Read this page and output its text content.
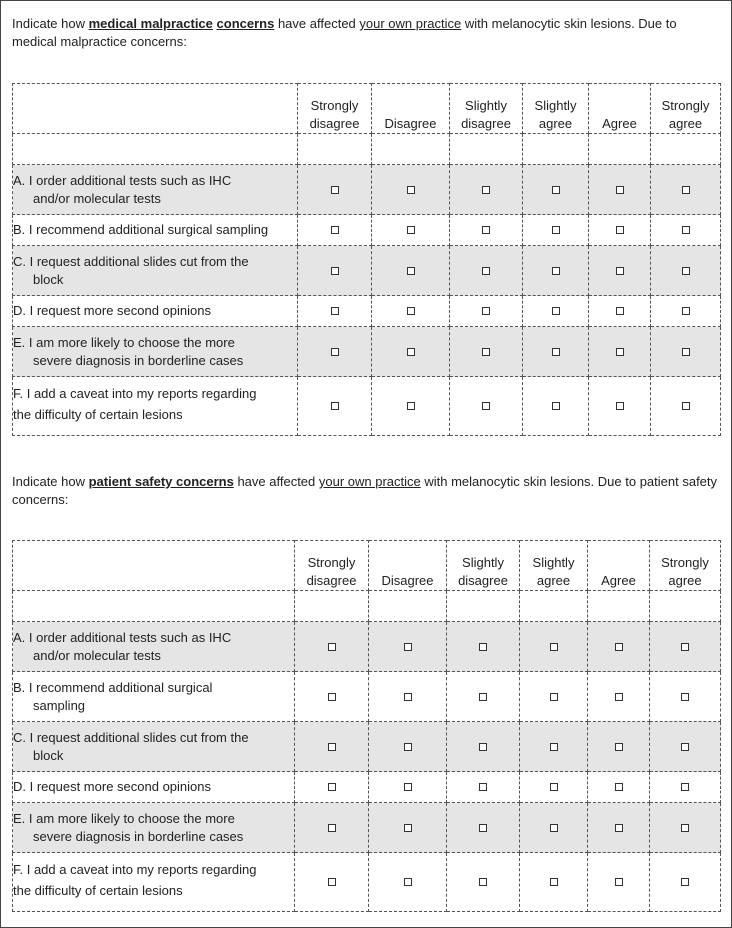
Indicate how medical malpractice concerns have affected your own practice with melanocytic skin lesions. Due to medical malpractice concerns:
	Strongly disagree	Disagree	Slightly disagree	Slightly agree	Agree	Strongly agree

A. I order additional tests such as IHC
and/or molecular tests						

B. I recommend additional surgical sampling						
C. I request additional slides cut from the
block						

D. I request more second opinions						
E. I am more likely to choose the more
severe diagnosis in borderline cases						

F. I add a caveat into my reports regarding
the difficulty of certain lesions						
Indicate how patient safety concerns have affected your own practice with melanocytic skin lesions. Due to patient safety concerns:
	Strongly disagree	Disagree	Slightly disagree	Slightly agree	Agree	Strongly agree

A. I order additional tests such as IHC
and/or molecular tests						

B. I recommend additional surgical
sampling						

C. I request additional slides cut from the
block						

D. I request more second opinions						
E. I am more likely to choose the more
severe diagnosis in borderline cases						

F. I add a caveat into my reports regarding
the difficulty of certain lesions						
